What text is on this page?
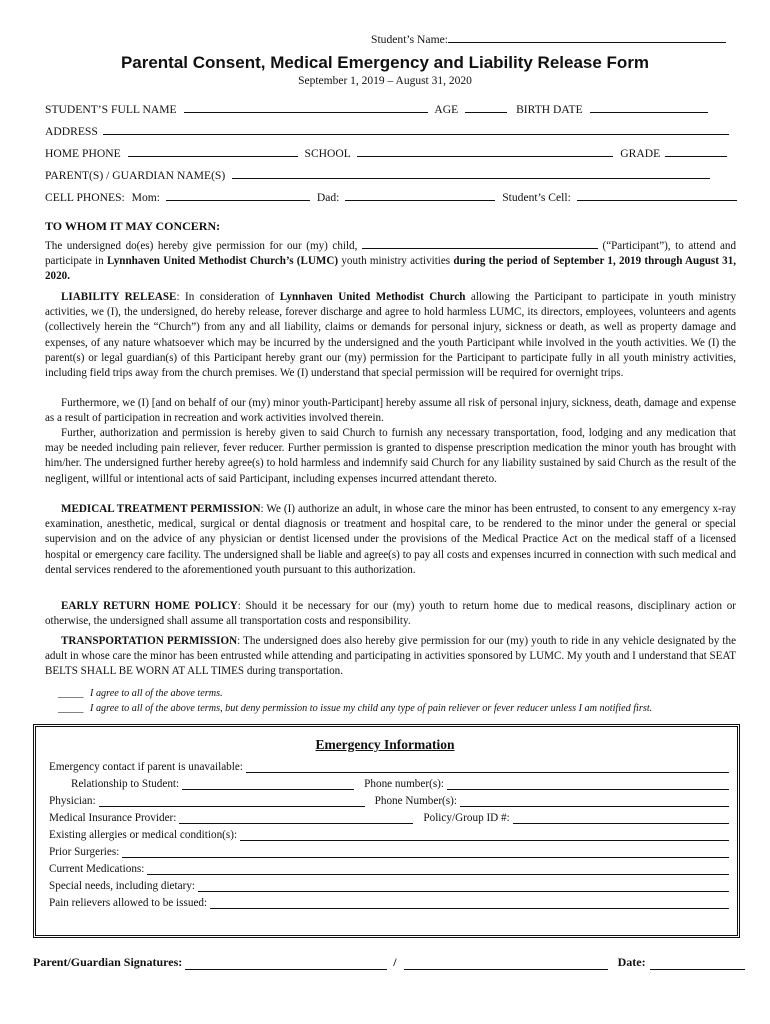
Student’s Name:
Parental Consent, Medical Emergency and Liability Release Form
September 1, 2019 – August 31, 2020
STUDENT’S FULL NAME	AGE	BIRTH DATE
ADDRESS
HOME PHONE	SCHOOL	GRADE
PARENT(S) / GUARDIAN NAME(S)
CELL PHONES: Mom:	Dad:	Student’s Cell:
TO WHOM IT MAY CONCERN:

The undersigned do(es) hereby give permission for our (my) child,	(“Participant”), to attend and participate in Lynnhaven United Methodist Church’s (LUMC) youth ministry activities during the period of September 1, 2019 through August 31, 2020.

LIABILITY RELEASE: In consideration of Lynnhaven United Methodist Church allowing the Participant to participate in youth ministry activities, we (I), the undersigned, do hereby release, forever discharge and agree to hold harmless LUMC, its directors, employees, volunteers and agents (collectively herein the “Church”) from any and all liability, claims or demands for personal injury, sickness or death, as well as property damage and expenses, of any nature whatsoever which may be incurred by the undersigned and the youth Participant while involved in the youth activities. We (I) the parent(s) or legal guardian(s) of this Participant hereby grant our (my) permission for the Participant to participate fully in all youth ministry activities, including field trips away from the church premises. We (I) understand that special permission will be required for overnight trips.

Furthermore, we (I) [and on behalf of our (my) minor youth-Participant] hereby assume all risk of personal injury, sickness, death, damage and expense as a result of participation in recreation and work activities involved therein.

Further, authorization and permission is hereby given to said Church to furnish any necessary transportation, food, lodging and any medication that may be needed including pain reliever, fever reducer. Further permission is granted to dispense prescription medication the minor youth has brought with him/her. The undersigned further hereby agree(s) to hold harmless and indemnify said Church for any liability sustained by said Church as the result of the negligent, willful or intentional acts of said Participant, including expenses incurred attendant thereto.

MEDICAL TREATMENT PERMISSION: We (I) authorize an adult, in whose care the minor has been entrusted, to consent to any emergency x-ray examination, anesthetic, medical, surgical or dental diagnosis or treatment and hospital care, to be rendered to the minor under the general or special supervision and on the advice of any physician or dentist licensed under the provisions of the Medical Practice Act on the medical staff of a licensed hospital or emergency care facility. The undersigned shall be liable and agree(s) to pay all costs and expenses incurred in connection with such medical and dental services rendered to the aforementioned youth pursuant to this authorization.

EARLY RETURN HOME POLICY: Should it be necessary for our (my) youth to return home due to medical reasons, disciplinary action or otherwise, the undersigned shall assume all transportation costs and responsibility.

TRANSPORTATION PERMISSION: The undersigned does also hereby give permission for our (my) youth to ride in any vehicle designated by the adult in whose care the minor has been entrusted while attending and participating in activities sponsored by LUMC. My youth and I understand that SEAT BELTS SHALL BE WORN AT ALL TIMES during transportation.

_____ I agree to all of the above terms.
_____ I agree to all of the above terms, but deny permission to issue my child any type of pain reliever or fever reducer unless I am notified first.
Emergency Information
Emergency contact if parent is unavailable:
Relationship to Student:	Phone number(s):
Physician:	Phone Number(s):
Medical Insurance Provider:	Policy/Group ID #:
Existing allergies or medical condition(s):
Prior Surgeries:
Current Medications:
Special needs, including dietary:
Pain relievers allowed to be issued:
Parent/Guardian Signatures:	/	Date:
